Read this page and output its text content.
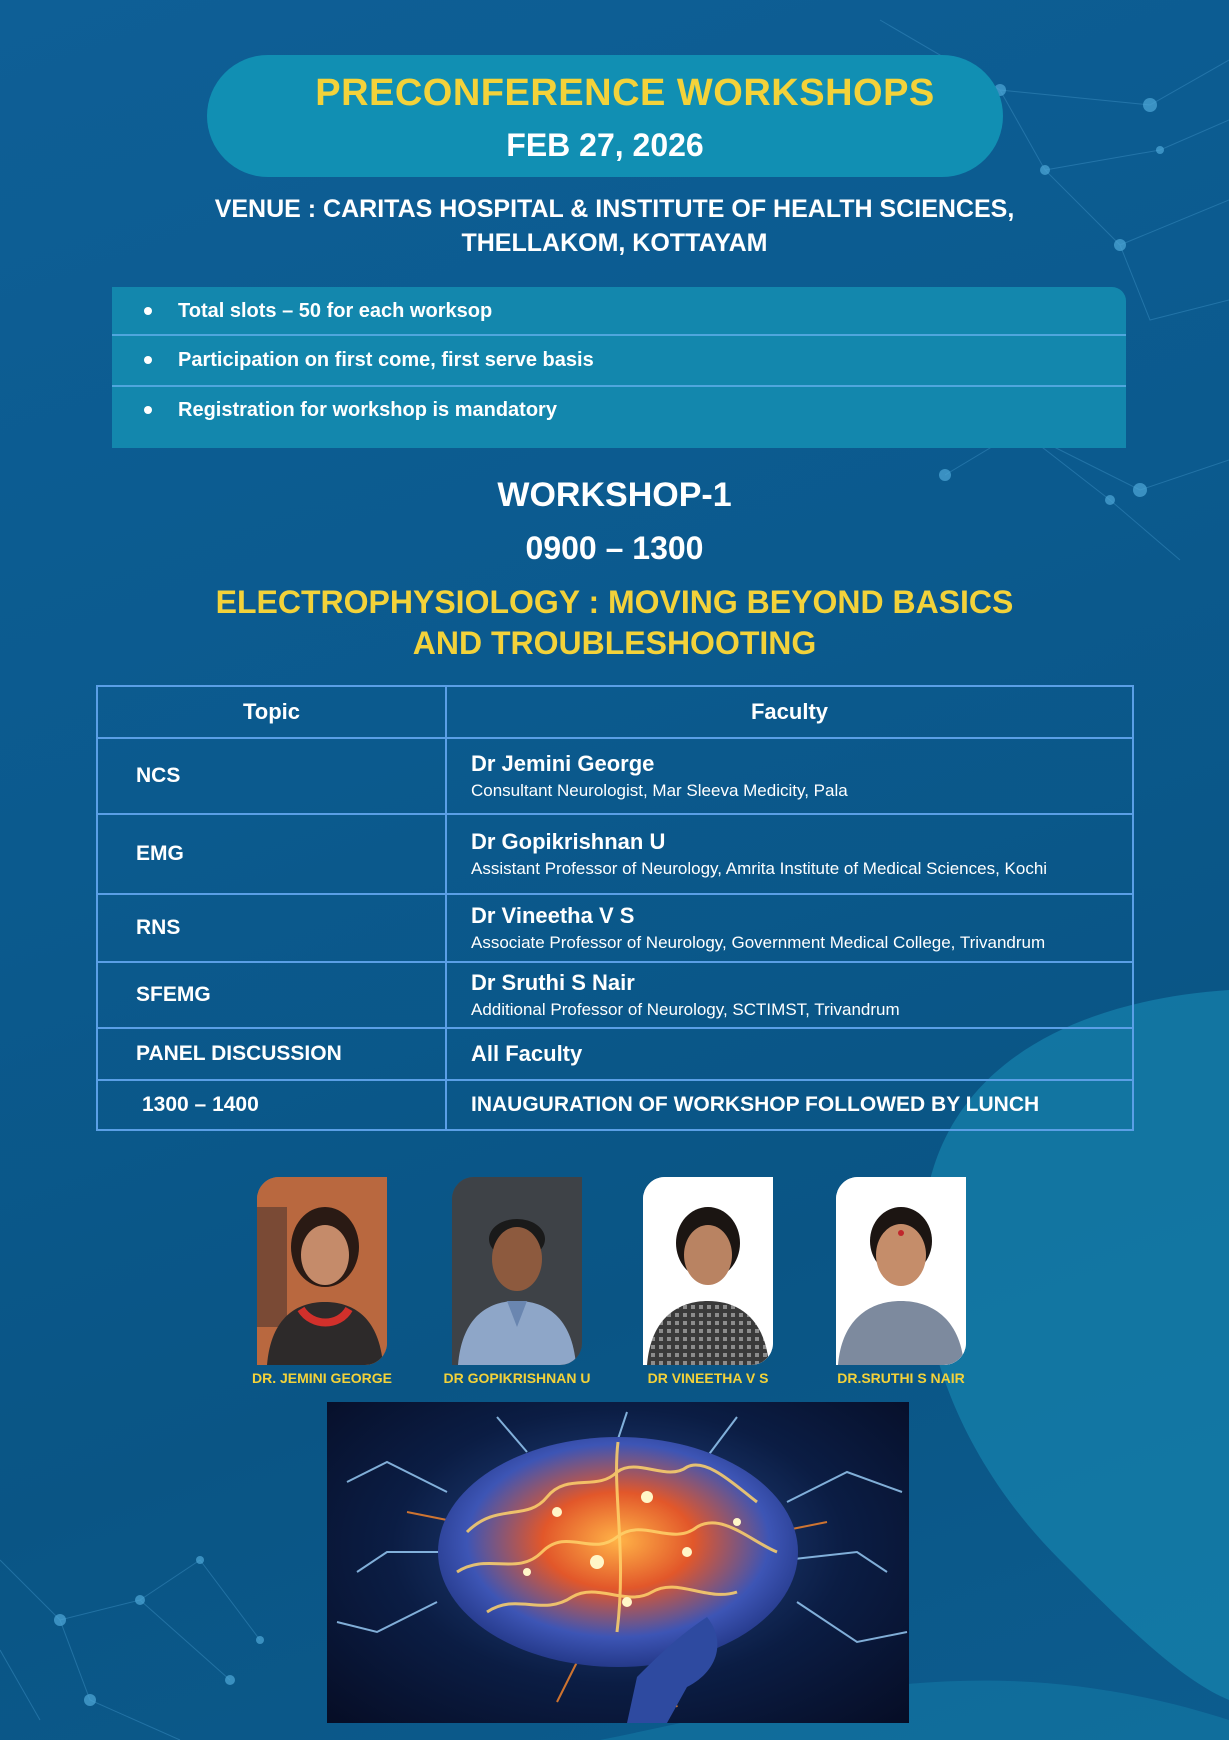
PRECONFERENCE WORKSHOPS
FEB 27, 2026
VENUE : CARITAS HOSPITAL & INSTITUTE OF HEALTH SCIENCES,
THELLAKOM, KOTTAYAM
Total slots – 50 for each worksop
Participation on first come, first serve basis
Registration for workshop is mandatory
WORKSHOP-1
0900 – 1300
ELECTROPHYSIOLOGY : MOVING BEYOND BASICS
AND TROUBLESHOOTING
Topic	Faculty
NCS	Dr Jemini George
Consultant Neurologist, Mar Sleeva Medicity, Pala

EMG	Dr Gopikrishnan U
Assistant Professor of Neurology, Amrita Institute of Medical Sciences, Kochi

RNS	Dr Vineetha V S
Associate Professor of Neurology, Government Medical College, Trivandrum

SFEMG	Dr Sruthi S Nair
Additional Professor of Neurology, SCTIMST, Trivandrum

PANEL DISCUSSION	All Faculty

1300 – 1400	INAUGURATION OF WORKSHOP FOLLOWED BY LUNCH
DR. JEMINI GEORGE	DR GOPIKRISHNAN U	DR VINEETHA V S	DR.SRUTHI S NAIR
